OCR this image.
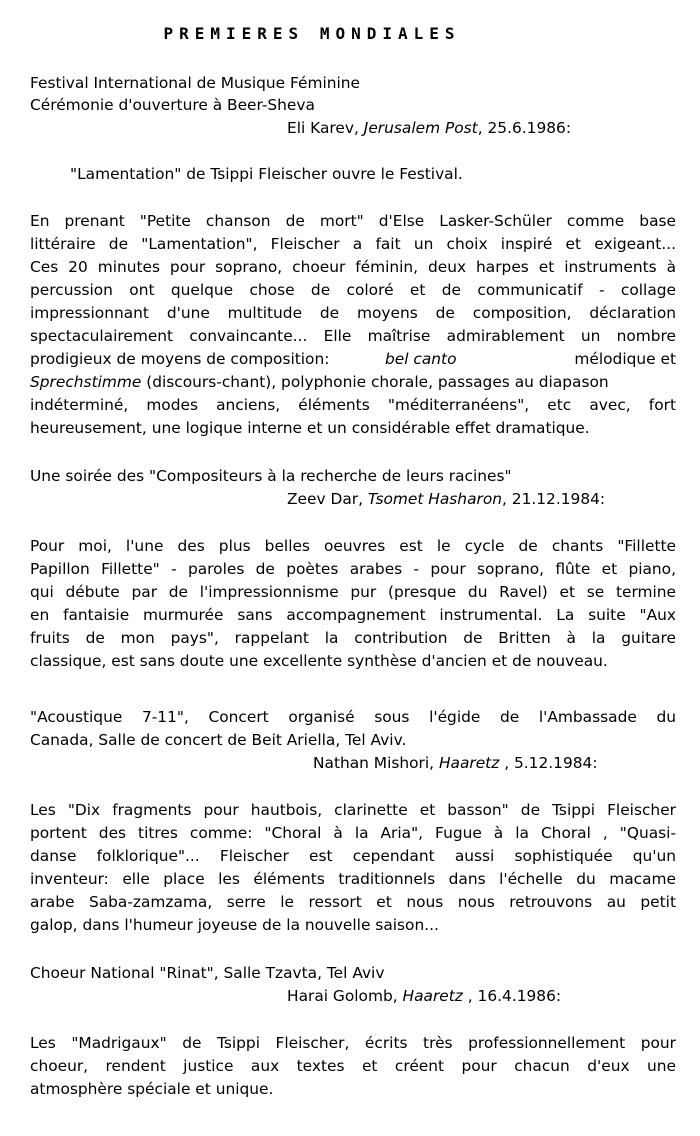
PREMIERES MONDIALES
Festival International de Musique Féminine
Cérémonie d'ouverture à Beer-Sheva
Eli Karev, Jerusalem Post, 25.6.1986:
"Lamentation" de Tsippi Fleischer ouvre le Festival.
En prenant "Petite chanson de mort" d'Else Lasker-Schüler comme base
littéraire de "Lamentation", Fleischer a fait un choix inspiré et exigeant...
Ces 20 minutes pour soprano, choeur féminin, deux harpes et instruments à
percussion ont quelque chose de coloré et de communicatif - collage
impressionnant d'une multitude de moyens de composition, déclaration
spectaculairement convaincante... Elle maîtrise admirablement un nombre
prodigieux de moyens de composition:	bel canto	mélodique et
Sprechstimme (discours-chant), polyphonie chorale, passages au diapason
indéterminé, modes anciens, éléments "méditerranéens", etc avec, fort
heureusement, une logique interne et un considérable effet dramatique.
Une soirée des "Compositeurs à la recherche de leurs racines"
Zeev Dar, Tsomet Hasharon, 21.12.1984:
Pour moi, l'une des plus belles oeuvres est le cycle de chants "Fillette
Papillon Fillette" - paroles de poètes arabes - pour soprano, flûte et piano,
qui débute par de l'impressionnisme pur (presque du Ravel) et se termine
en fantaisie murmurée sans accompagnement instrumental. La suite "Aux
fruits de mon pays", rappelant la contribution de Britten à la guitare
classique, est sans doute une excellente synthèse d'ancien et de nouveau.
"Acoustique 7-11", Concert organisé sous l'égide de l'Ambassade du
Canada, Salle de concert de Beit Ariella, Tel Aviv.
Nathan Mishori, Haaretz , 5.12.1984:
Les "Dix fragments pour hautbois, clarinette et basson" de Tsippi Fleischer
portent des titres comme: "Choral à la Aria", Fugue à la Choral , "Quasi-
danse folklorique"... Fleischer est cependant aussi sophistiquée qu'un
inventeur: elle place les éléments traditionnels dans l'échelle du macame
arabe Saba-zamzama, serre le ressort et nous nous retrouvons au petit
galop, dans l'humeur joyeuse de la nouvelle saison...
Choeur National "Rinat", Salle Tzavta, Tel Aviv
Harai Golomb, Haaretz , 16.4.1986:
Les "Madrigaux" de Tsippi Fleischer, écrits très professionnellement pour
choeur, rendent justice aux textes et créent pour chacun d'eux une
atmosphère spéciale et unique.
